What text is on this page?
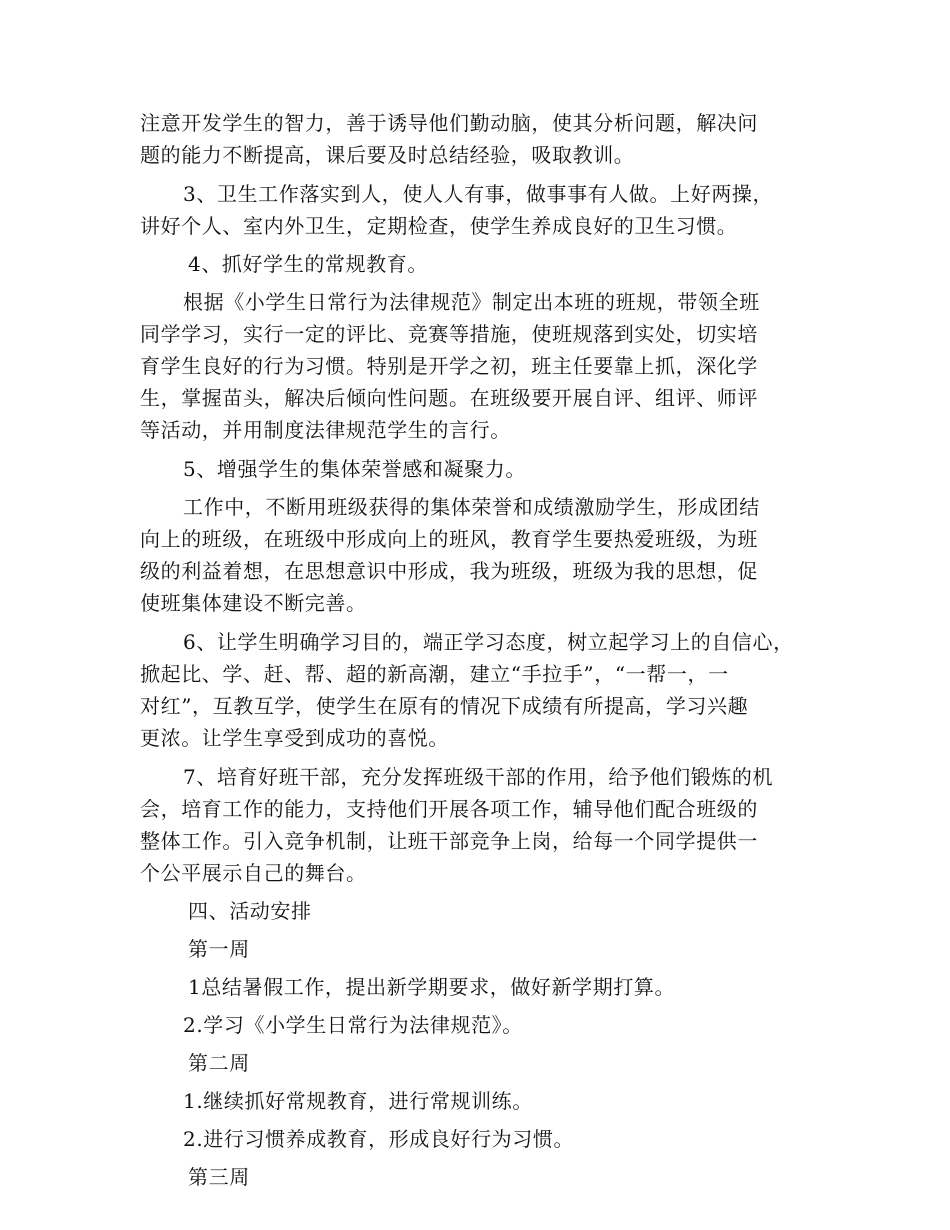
注意开发学生的智力，善于诱导他们勤动脑，使其分析问题，解决问
题的能力不断提高，课后要及时总结经验，吸取教训。
3、卫生工作落实到人，使人人有事，做事事有人做。上好两操，
讲好个人、室内外卫生，定期检查，使学生养成良好的卫生习惯。
4、抓好学生的常规教育。
根据《小学生日常行为法律规范》制定出本班的班规，带领全班
同学学习，实行一定的评比、竞赛等措施，使班规落到实处，切实培
育学生良好的行为习惯。特别是开学之初，班主任要靠上抓，深化学
生，掌握苗头，解决后倾向性问题。在班级要开展自评、组评、师评
等活动，并用制度法律规范学生的言行。
5、增强学生的集体荣誉感和凝聚力。
工作中，不断用班级获得的集体荣誉和成绩激励学生，形成团结
向上的班级，在班级中形成向上的班风，教育学生要热爱班级，为班
级的利益着想，在思想意识中形成，我为班级，班级为我的思想，促
使班集体建设不断完善。
6、让学生明确学习目的，端正学习态度，树立起学习上的自信心，
掀起比、学、赶、帮、超的新高潮，建立“手拉手”，“一帮一，一
对红”，互教互学，使学生在原有的情况下成绩有所提高，学习兴趣
更浓。让学生享受到成功的喜悦。
7、培育好班干部，充分发挥班级干部的作用，给予他们锻炼的机
会，培育工作的能力，支持他们开展各项工作，辅导他们配合班级的
整体工作。引入竞争机制，让班干部竞争上岗，给每一个同学提供一
个公平展示自己的舞台。
四、活动安排
第一周
1总结暑假工作，提出新学期要求，做好新学期打算。
2.学习《小学生日常行为法律规范》。
第二周
1.继续抓好常规教育，进行常规训练。
2.进行习惯养成教育，形成良好行为习惯。
第三周
